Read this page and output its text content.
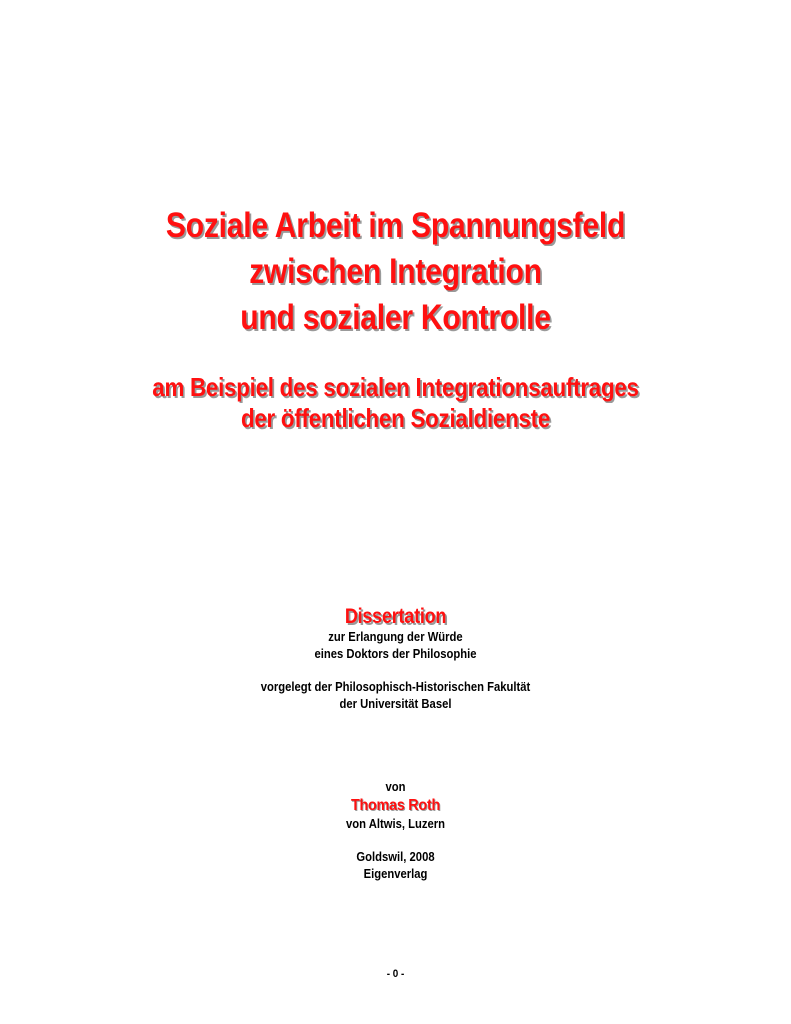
Soziale Arbeit im Spannungsfeld
zwischen Integration
und sozialer Kontrolle
am Beispiel des sozialen Integrationsauftrages
der öffentlichen Sozialdienste
Dissertation
zur Erlangung der Würde
eines Doktors der Philosophie
vorgelegt der Philosophisch-Historischen Fakultät
der Universität Basel
von
Thomas Roth
von Altwis, Luzern
Goldswil, 2008
Eigenverlag
- 0 -
